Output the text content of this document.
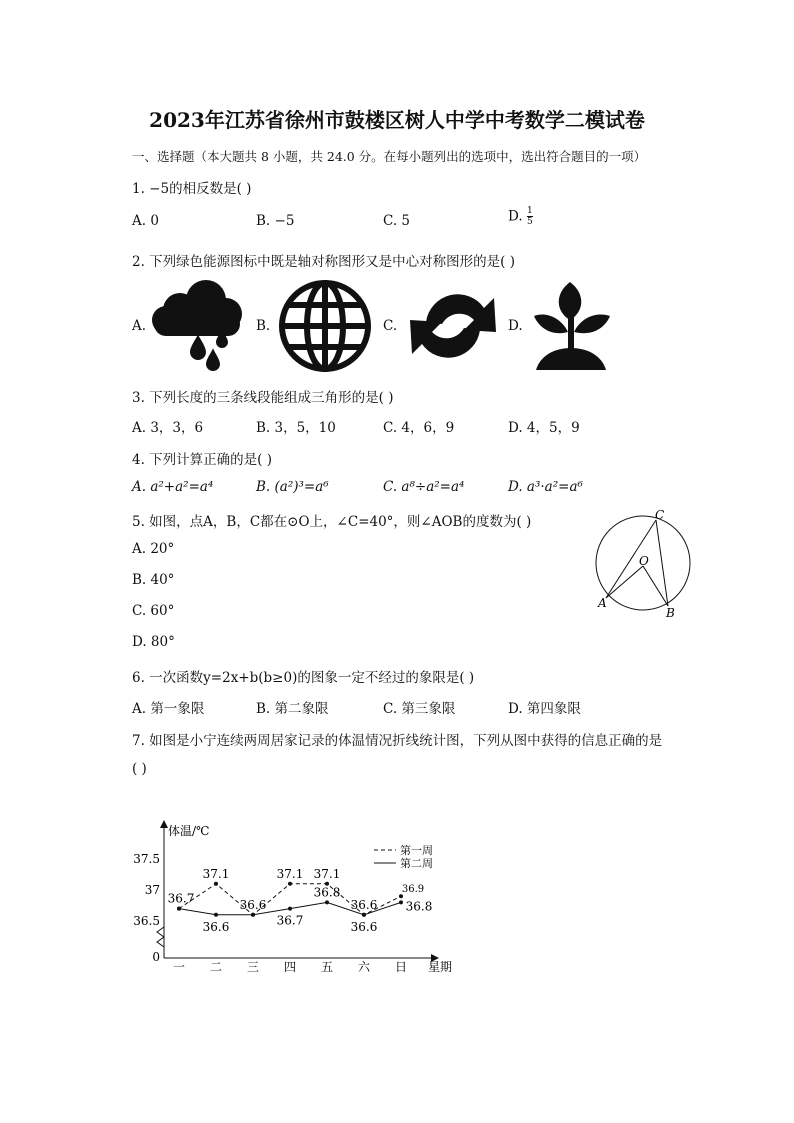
2023年江苏省徐州市鼓楼区树人中学中考数学二模试卷
一、选择题（本大题共 8 小题，共 24.0 分。在每小题列出的选项中，选出符合题目的一项）
1. −5的相反数是( )
A. 0	B. −5	C. 5	D. $\frac{1}{5}$
2. 下列绿色能源图标中既是轴对称图形又是中心对称图形的是( )
A.	B.	C.	D.
3. 下列长度的三条线段能组成三角形的是( )
A. 3，3，6	B. 3，5，10	C. 4，6，9	D. 4，5，9
4. 下列计算正确的是( )
A. a²+a²=a⁴	B. (a²)³=a⁶	C. a⁸÷a²=a⁴	D. a³·a²=a⁶
5. 如图，点A，B，C都在⊙O上，∠C=40°，则∠AOB的度数为( )
A. 20°
B. 40°
C. 60°
D. 80°
C
O
A
B
6. 一次函数y=2x+b(b≥0)的图象一定不经过的象限是( )
A. 第一象限	B. 第二象限	C. 第三象限	D. 第四象限
7. 如图是小宁连续两周居家记录的体温情况折线统计图，下列从图中获得的信息正确的是
( )
体温/℃
星期
第一周
第二周
0
36.5
37
37.5
一 二 三 四 五 六 日
36.7
37.1
36.6
37.1 37.1
36.6
36.9
36.6	36.7
36.8
36.6
36.8
